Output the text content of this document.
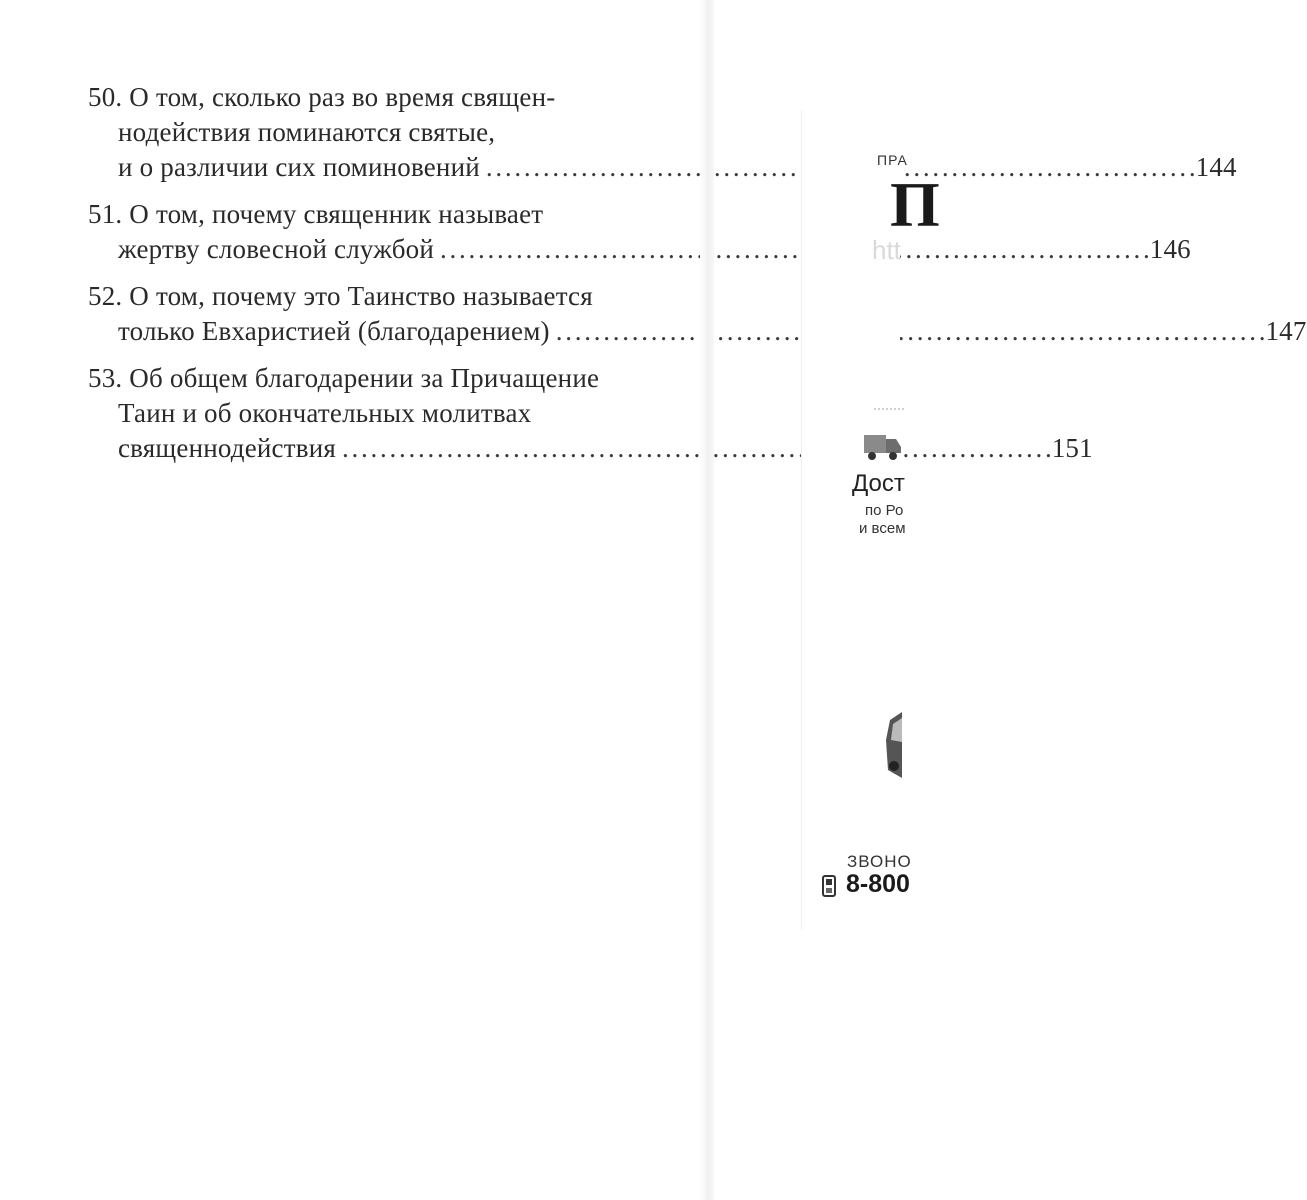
50. О том, сколько раз во время священ-
нодействия поминаются святые,
и о различии сих поминовений . . .	144
51. О том, почему священник называет
жертву словесной службой . . .	146
52. О том, почему это Таинство называется
только Евхаристией (благодарением) . . .	147
53. Об общем благодарении за Причащение
Таин и об окончательных молитвах
священнодействия . . .	151
ПРА
П
htt
Дост
по Ро
и всем
ЗВОНО
8-800
